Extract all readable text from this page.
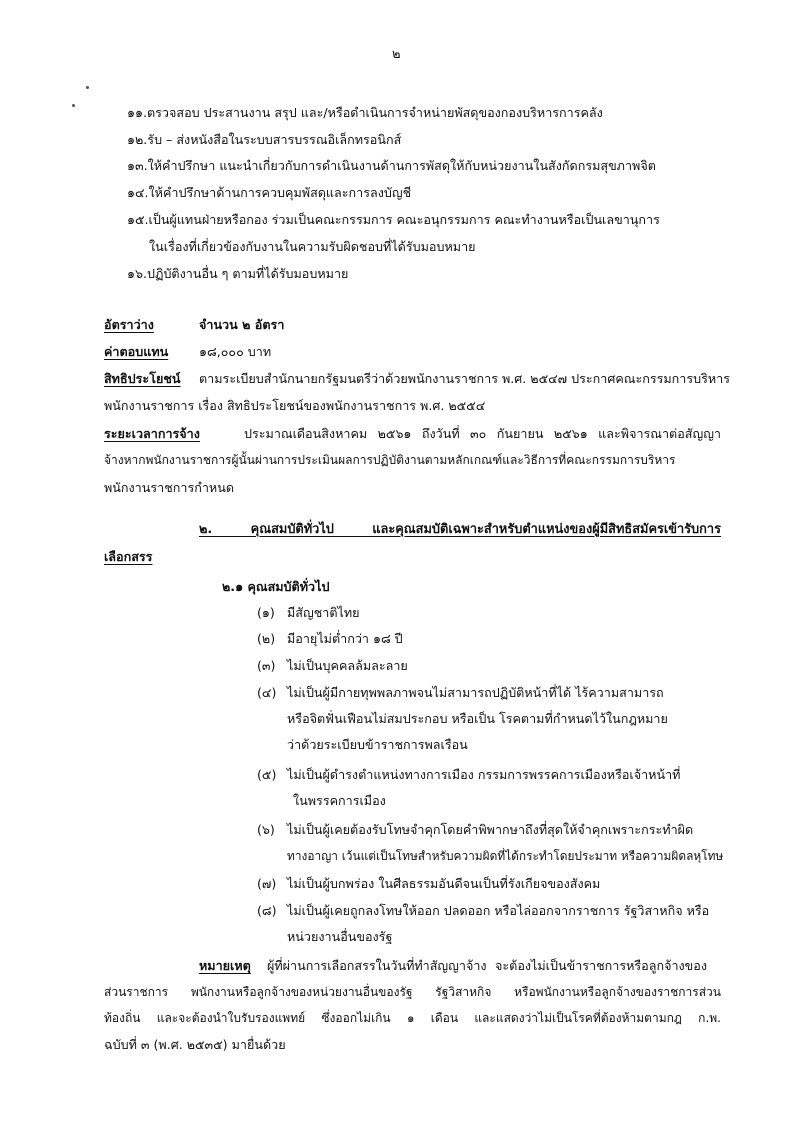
๒
๑๑.ตรวจสอบ ประสานงาน สรุป และ/หรือดำเนินการจำหน่ายพัสดุของกองบริหารการคลัง
๑๒.รับ – ส่งหนังสือในระบบสารบรรณอิเล็กทรอนิกส์
๑๓.ให้คำปรึกษา แนะนำเกี่ยวกับการดำเนินงานด้านการพัสดุให้กับหน่วยงานในสังกัดกรมสุขภาพจิต
๑๔.ให้คำปรึกษาด้านการควบคุมพัสดุและการลงบัญชี
๑๕.เป็นผู้แทนฝ่ายหรือกอง ร่วมเป็นคณะกรรมการ คณะอนุกรรมการ คณะทำงานหรือเป็นเลขานุการ
ในเรื่องที่เกี่ยวข้องกับงานในความรับผิดชอบที่ได้รับมอบหมาย
๑๖.ปฏิบัติงานอื่น ๆ ตามที่ได้รับมอบหมาย
อัตราว่าง	จำนวน ๒ อัตรา
ค่าตอบแทน ๑๘,๐๐๐ บาท
สิทธิประโยชน์ ตามระเบียบสำนักนายกรัฐมนตรีว่าด้วยพนักงานราชการ พ.ศ. ๒๕๔๗ ประกาศคณะกรรมการบริหาร
พนักงานราชการ เรื่อง สิทธิประโยชน์ของพนักงานราชการ พ.ศ. ๒๕๕๔
ระยะเวลาการจ้าง	ประมาณเดือนสิงหาคม ๒๕๖๑ ถึงวันที่ ๓๐ กันยายน ๒๕๖๑ และพิจารณาต่อสัญญา
จ้างหากพนักงานราชการผู้นั้นผ่านการประเมินผลการปฏิบัติงานตามหลักเกณฑ์และวิธีการที่คณะกรรมการบริหาร
พนักงานราชการกำหนด
๒. คุณสมบัติทั่วไป และคุณสมบัติเฉพาะสำหรับตำแหน่งของผู้มีสิทธิสมัครเข้ารับการ
เลือกสรร
๒.๑ คุณสมบัติทั่วไป
(๑) มีสัญชาติไทย
(๒) มีอายุไม่ต่ำกว่า ๑๘ ปี
(๓) ไม่เป็นบุคคลล้มละลาย
(๔) ไม่เป็นผู้มีกายทุพพลภาพจนไม่สามารถปฏิบัติหน้าที่ได้ ไร้ความสามารถ
หรือจิตฟั่นเฟือนไม่สมประกอบ หรือเป็น โรคตามที่กำหนดไว้ในกฎหมาย
ว่าด้วยระเบียบข้าราชการพลเรือน
(๕) ไม่เป็นผู้ดำรงตำแหน่งทางการเมือง กรรมการพรรคการเมืองหรือเจ้าหน้าที่
ในพรรคการเมือง
(๖) ไม่เป็นผู้เคยต้องรับโทษจำคุกโดยคำพิพากษาถึงที่สุดให้จำคุกเพราะกระทำผิด
ทางอาญา เว้นแต่เป็นโทษสำหรับความผิดที่ได้กระทำโดยประมาท หรือความผิดลหุโทษ
(๗) ไม่เป็นผู้บกพร่อง ในศีลธรรมอันดีจนเป็นที่รังเกียจของสังคม
(๘) ไม่เป็นผู้เคยถูกลงโทษให้ออก ปลดออก หรือไล่ออกจากราชการ รัฐวิสาหกิจ หรือ
หน่วยงานอื่นของรัฐ
หมายเหตุ ผู้ที่ผ่านการเลือกสรรในวันที่ทำสัญญาจ้าง จะต้องไม่เป็นข้าราชการหรือลูกจ้างของ
ส่วนราชการ พนักงานหรือลูกจ้างของหน่วยงานอื่นของรัฐ รัฐวิสาหกิจ หรือพนักงานหรือลูกจ้างของราชการส่วน
ท้องถิ่น และจะต้องนำใบรับรองแพทย์ ซึ่งออกไม่เกิน ๑ เดือน และแสดงว่าไม่เป็นโรคที่ต้องห้ามตามกฎ ก.พ.
ฉบับที่ ๓ (พ.ศ. ๒๕๓๕) มายื่นด้วย
